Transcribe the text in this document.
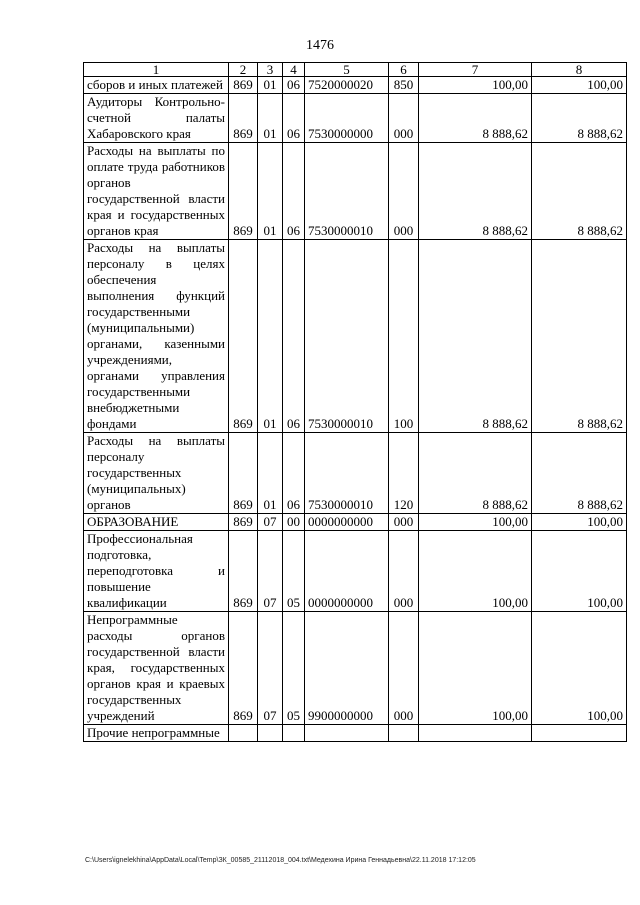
1476
1	2	3	4	5	6	7	8
сборов и иных платежей	869	01	06	7520000020	850	100,00	100,00
Аудиторы Контрольно-счетной палаты Хабаровского края	869	01	06	7530000000	000	8 888,62	8 888,62
Расходы на выплаты по оплате труда работников органов государственной власти края и государственных органов края	869	01	06	7530000010	000	8 888,62	8 888,62
Расходы на выплаты персоналу в целях обеспечения выполнения функций государственными (муниципальными) органами, казенными учреждениями, органами управления государственными внебюджетными фондами	869	01	06	7530000010	100	8 888,62	8 888,62
Расходы на выплаты персоналу государственных (муниципальных) органов	869	01	06	7530000010	120	8 888,62	8 888,62
ОБРАЗОВАНИЕ	869	07	00	0000000000	000	100,00	100,00
Профессиональная подготовка, переподготовка и повышение квалификации	869	07	05	0000000000	000	100,00	100,00
Непрограммные расходы органов государственной власти края, государственных органов края и краевых государственных учреждений	869	07	05	9900000000	000	100,00	100,00
Прочие непрограммные							
C:\Users\ignelekhina\AppData\Local\Temp\ЗК_00585_21112018_004.txt\Медехина Ирина Геннадьевна\22.11.2018 17:12:05
